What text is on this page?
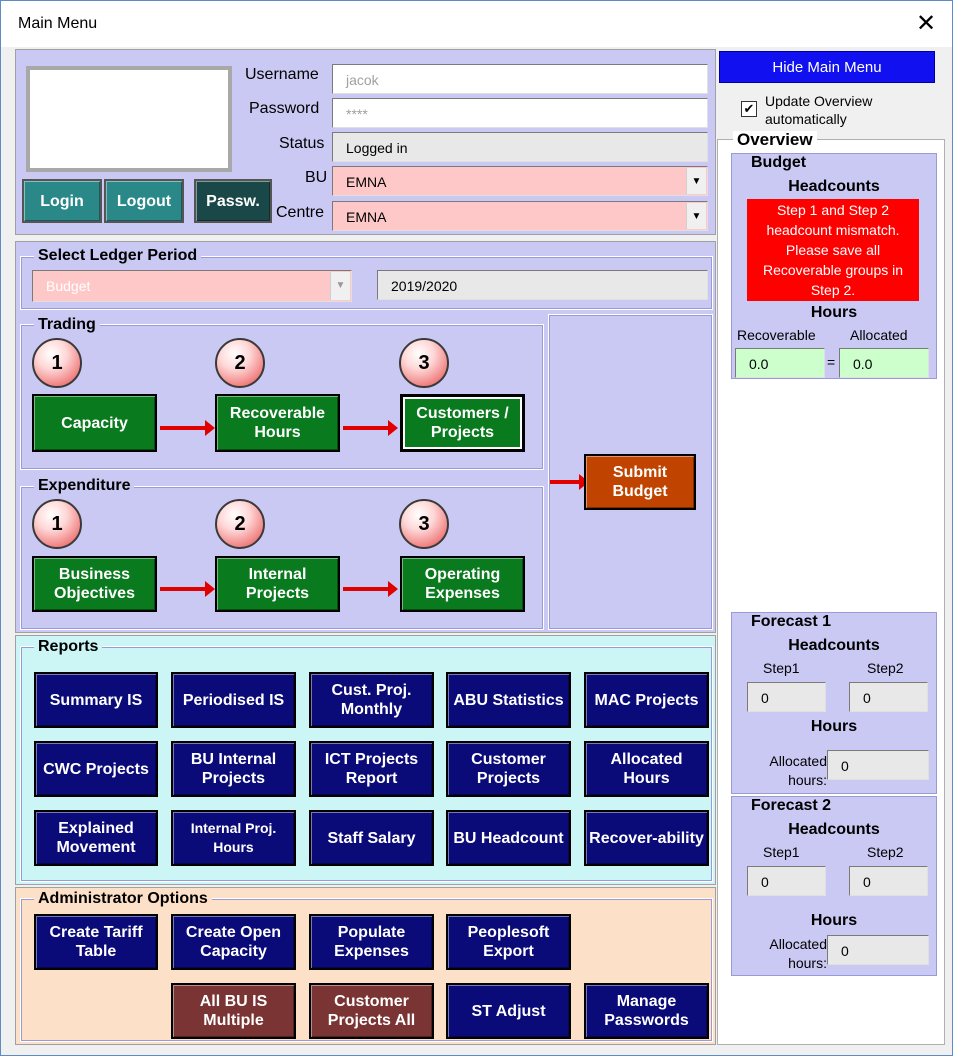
Main Menu	✕
Username	jacok
Password	****
Status	Logged in
BU	EMNA	▼
Centre	EMNA	▼
Login	Logout	Passw.
Select Ledger Period
Budget	▼	2019/2020
Trading
1	2	3
Capacity
Recoverable Hours
Customers / Projects
Expenditure
1	2	3
Business Objectives
Internal Projects
Operating Expenses
Submit Budget
Reports
Summary IS	Periodised IS
Cust. Proj. Monthly
ABU Statistics	MAC Projects
CWC Projects
BU Internal Projects
ICT Projects Report
Customer Projects
Allocated Hours
Explained Movement
Internal Proj. Hours
Staff Salary	BU Headcount	Recover-ability
Administrator Options
Create Tariff Table
Create Open Capacity
Populate Expenses
Peoplesoft Export
All BU IS Multiple
Customer Projects All
ST Adjust
Manage Passwords
Hide Main Menu
✔ Update Overview automatically
Overview
Budget
Headcounts
Step 1 and Step 2 headcount mismatch. Please save all Recoverable groups in Step 2.
Hours
Recoverable Allocated
0.0	=	0.0
Forecast 1
Headcounts
Step1	Step2
0	0
Hours
Allocated hours:
0
Forecast 2
Headcounts
Step1	Step2
0	0
Hours
Allocated hours:
0
